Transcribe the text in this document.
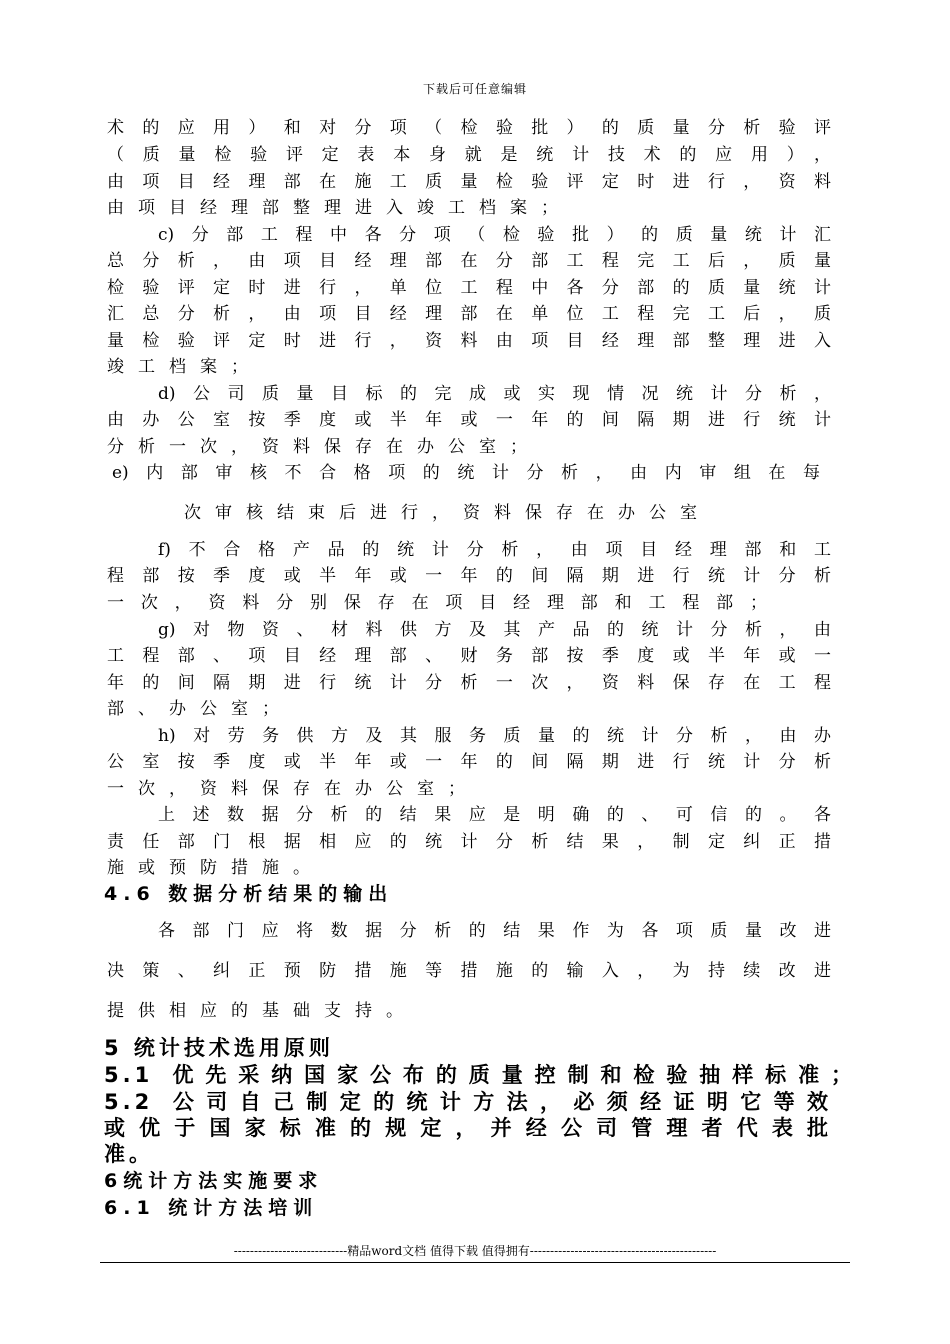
下载后可任意编辑
术的应用）和对分项（检验批）的质量分析验评
（质量检验评定表本身就是统计技术的应用），
由项目经理部在施工质量检验评定时进行，资料
由项目经理部整理进入竣工档案；
c)分部工程中各分项（检验批）的质量统计汇
总分析，由项目经理部在分部工程完工后，质量
检验评定时进行，单位工程中各分部的质量统计
汇总分析，由项目经理部在单位工程完工后，质
量检验评定时进行，资料由项目经理部整理进入
竣工档案；
d)公司质量目标的完成或实现情况统计分析，
由办公室按季度或半年或一年的间隔期进行统计
分析一次，资料保存在办公室；
e)内部审核不合格项的统计分析，由内审组在每
次审核结束后进行，资料保存在办公室
f)不合格产品的统计分析，由项目经理部和工
程部按季度或半年或一年的间隔期进行统计分析
一次，资料分别保存在项目经理部和工程部；
g)对物资、材料供方及其产品的统计分析，由
工程部、项目经理部、财务部按季度或半年或一
年的间隔期进行统计分析一次，资料保存在工程
部、办公室；
h)对劳务供方及其服务质量的统计分析，由办
公室按季度或半年或一年的间隔期进行统计分析
一次，资料保存在办公室；
上述数据分析的结果应是明确的、可信的。各
责任部门根据相应的统计分析结果，制定纠正措
施或预防措施。
4.6 数据分析结果的输出
各部门应将数据分析的结果作为各项质量改进
决策、纠正预防措施等措施的输入，为持续改进
提供相应的基础支持。
5 统计技术选用原则
5.1 优先采纳国家公布的质量控制和检验抽样标准；
5.2 公司自己制定的统计方法，必须经证明它等效
或优于国家标准的规定，并经公司管理者代表批
准。
6统计方法实施要求
6.1 统计方法培训
----------------------------精品word文档 值得下载 值得拥有----------------------------------------------
